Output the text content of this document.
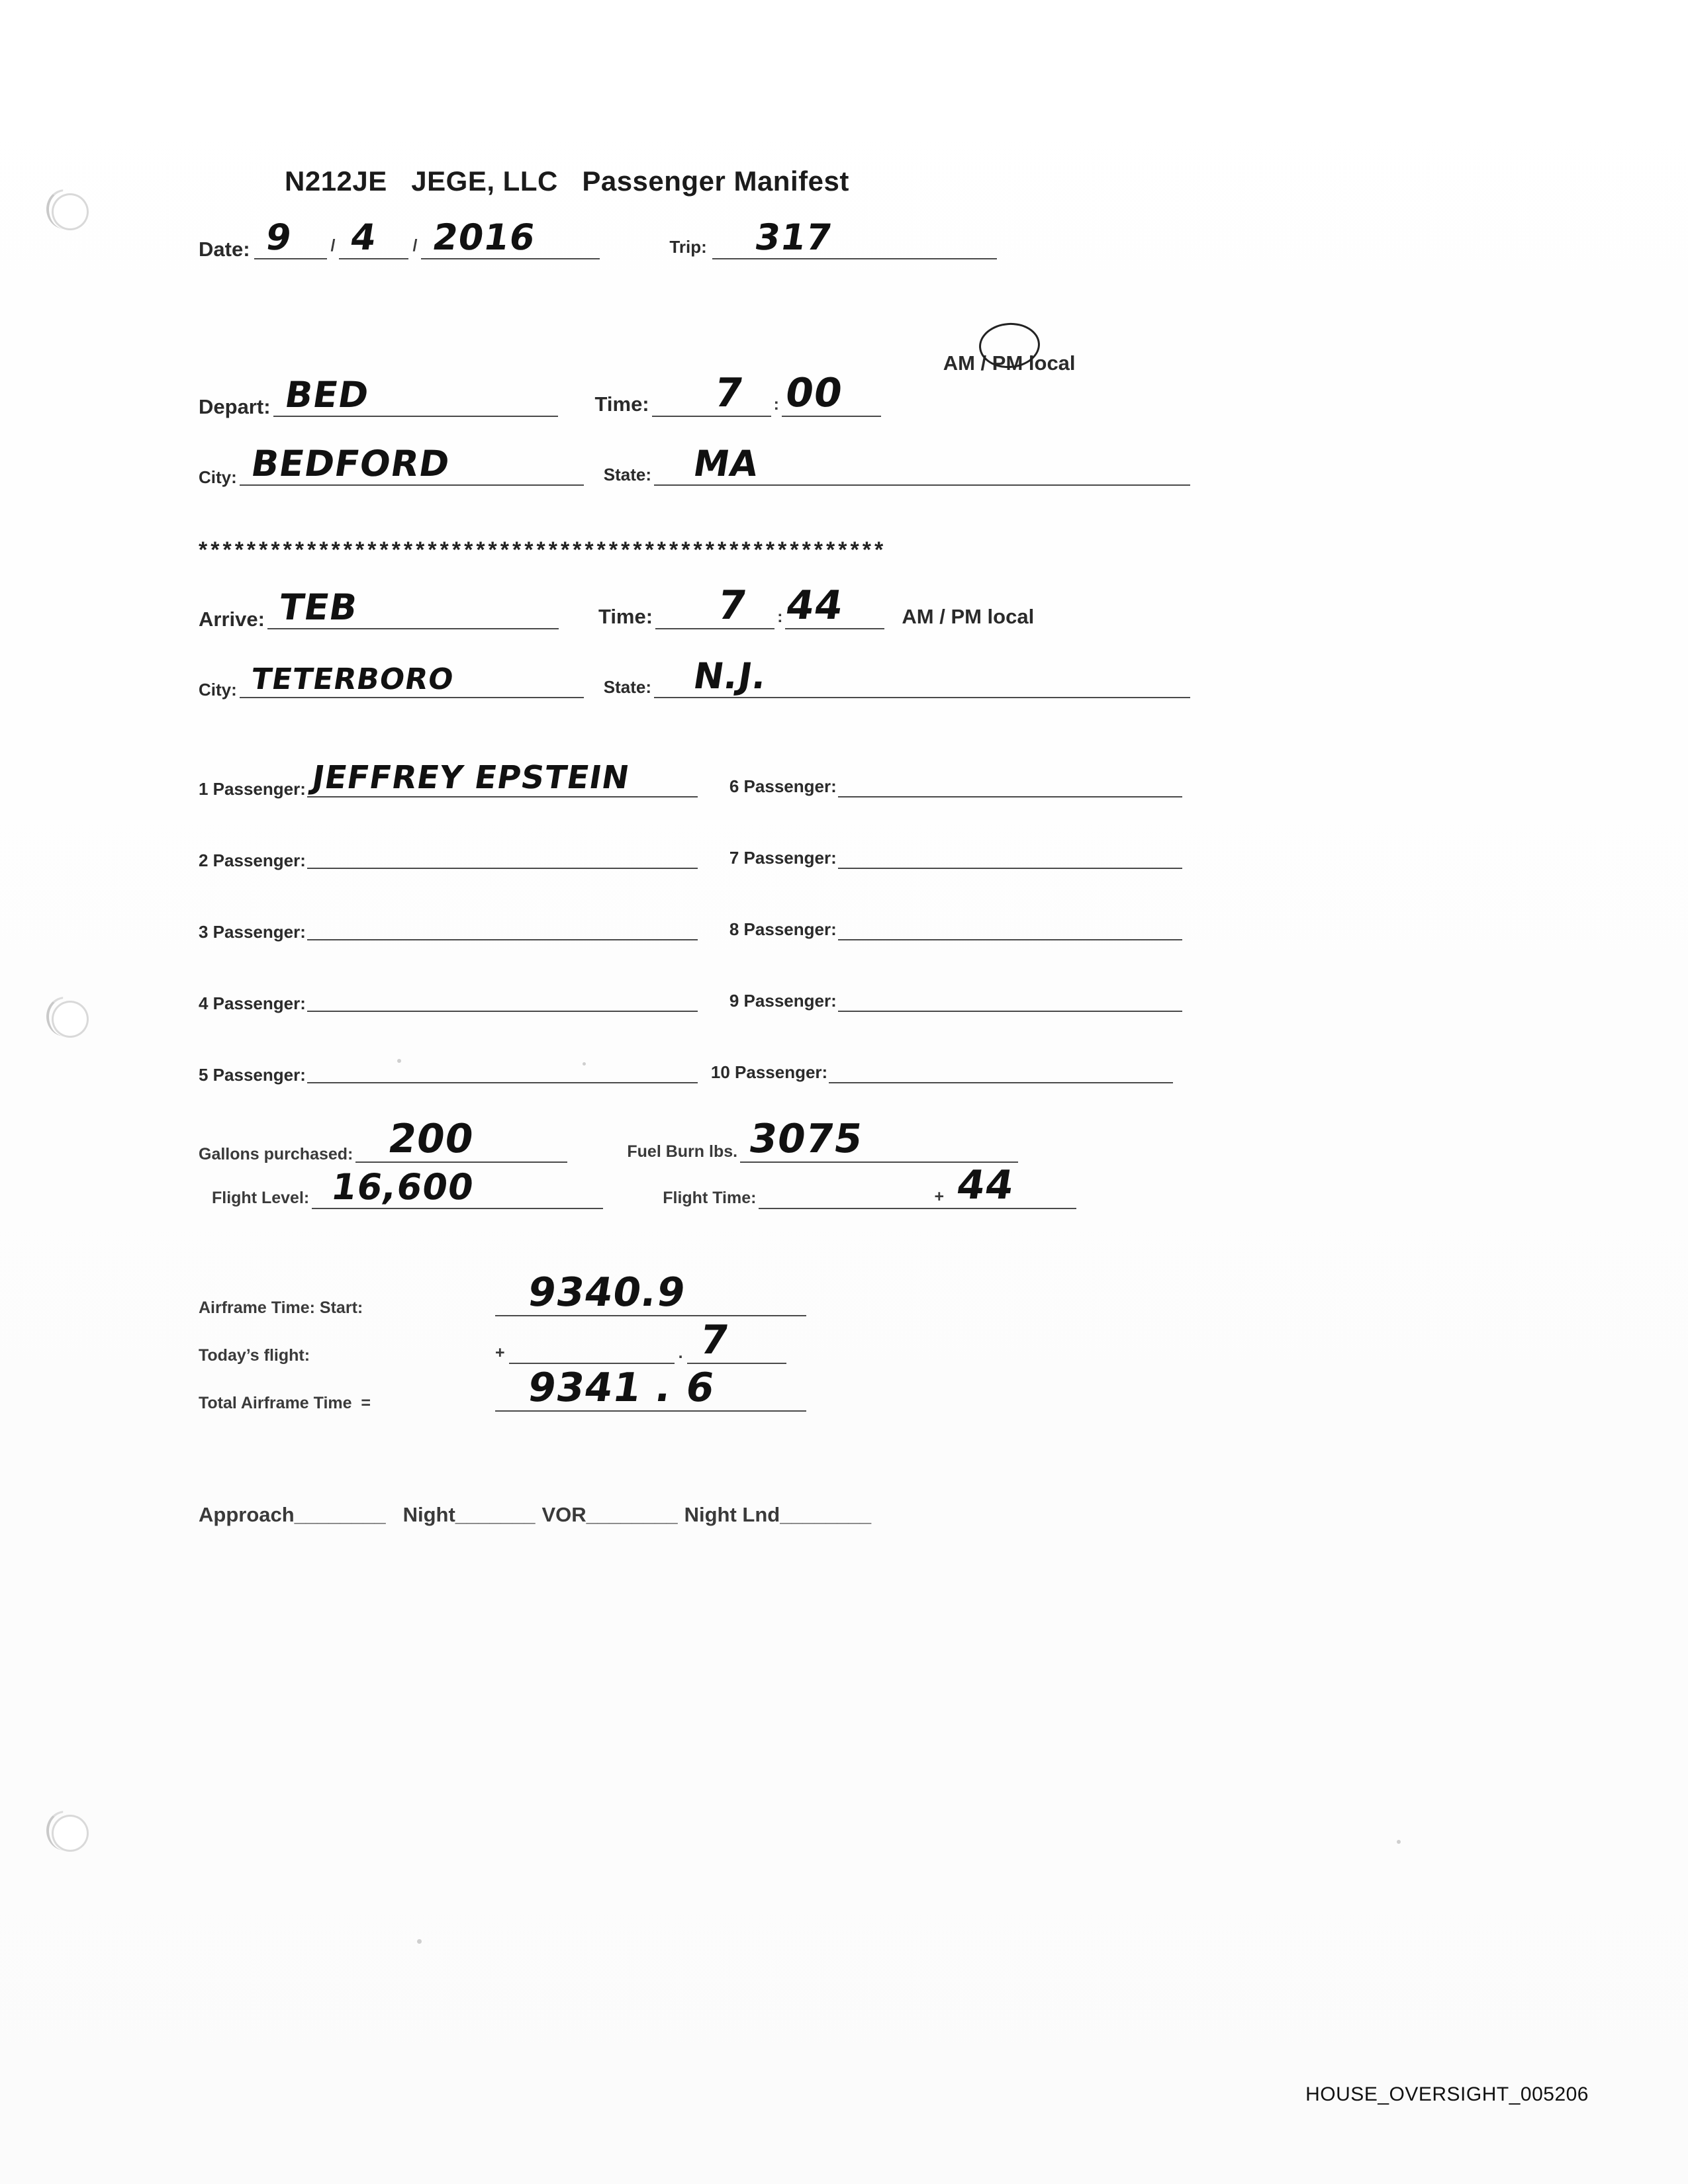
N212JE   JEGE, LLC   Passenger Manifest
Date: 9 / 4 / 2016	Trip: 317
Depart: BED	Time: 7 : 00

AM / PM local

City: BEDFORD	State: MA
*********************************************************
Arrive: TEB	Time: 7 : 44	AM / PM local
City: TETERBORO	State: N.J.
1 Passenger: JEFFREY EPSTEIN	6 Passenger:
2 Passenger:	7 Passenger:
3 Passenger:	8 Passenger:
4 Passenger:	9 Passenger:
5 Passenger:	10 Passenger:
Gallons purchased: 200	Fuel Burn lbs. 3075
Flight Level: 16,600	Flight Time:	+ 44
Airframe Time: Start:	9340.9
Today’s flight:	+	. 7
Total Airframe Time  =	9341 . 6
Approach________ Night_______ VOR________ Night Lnd________
HOUSE_OVERSIGHT_005206
